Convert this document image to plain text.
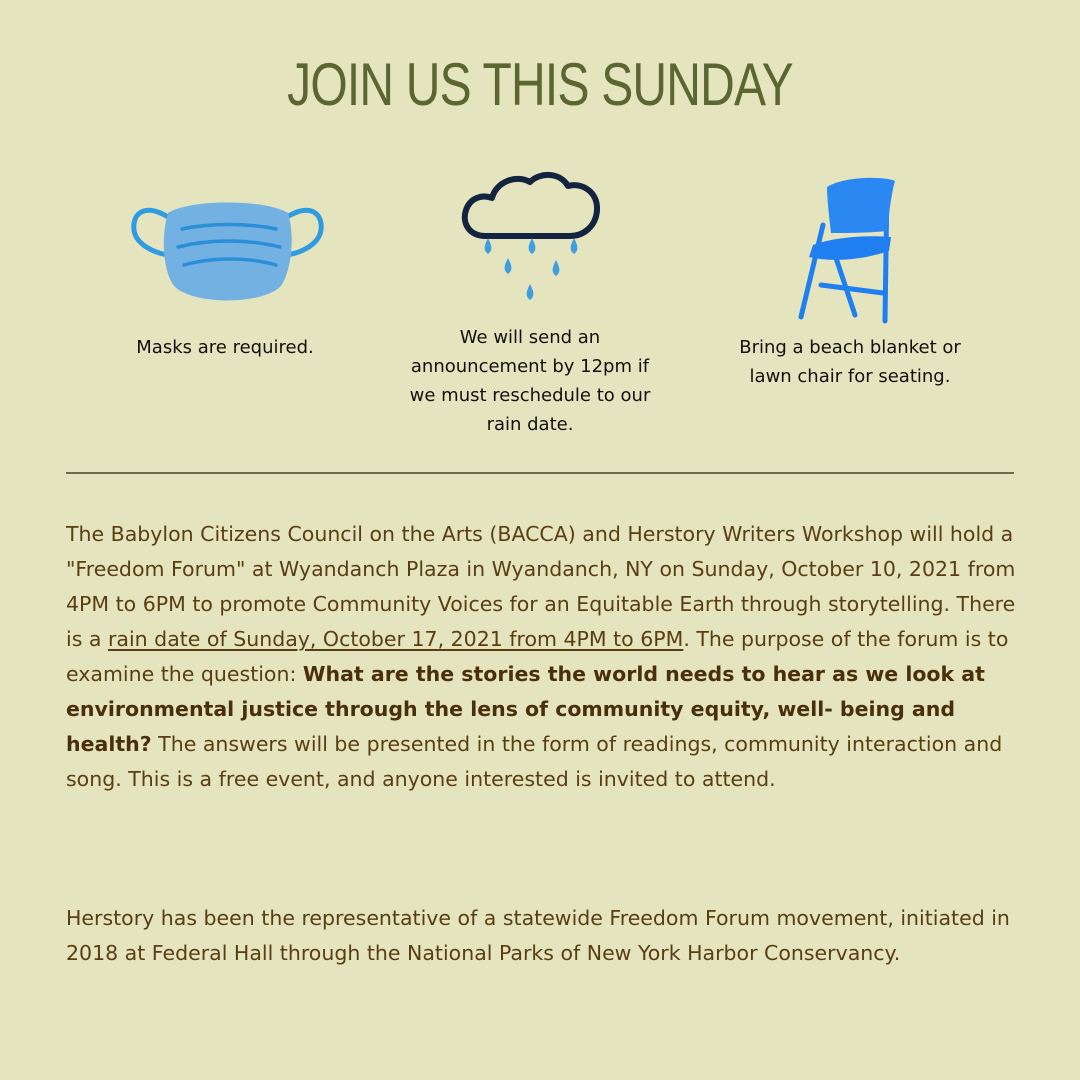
JOIN US THIS SUNDAY
Masks are required.	We will send an
announcement by 12pm if
we must reschedule to our
rain date.
Bring a beach blanket or
lawn chair for seating.

The Babylon Citizens Council on the Arts (BACCA) and Herstory Writers Workshop will hold a "Freedom Forum" at Wyandanch Plaza in Wyandanch, NY on Sunday, October 10, 2021 from 4PM to 6PM to promote Community Voices for an Equitable Earth through storytelling. There is a rain date of Sunday, October 17, 2021 from 4PM to 6PM. The purpose of the forum is to examine the question: What are the stories the world needs to hear as we look at environmental justice through the lens of community equity, well- being and health? The answers will be presented in the form of readings, community interaction and song. This is a free event, and anyone interested is invited to attend.

Herstory has been the representative of a statewide Freedom Forum movement, initiated in 2018 at Federal Hall through the National Parks of New York Harbor Conservancy.
